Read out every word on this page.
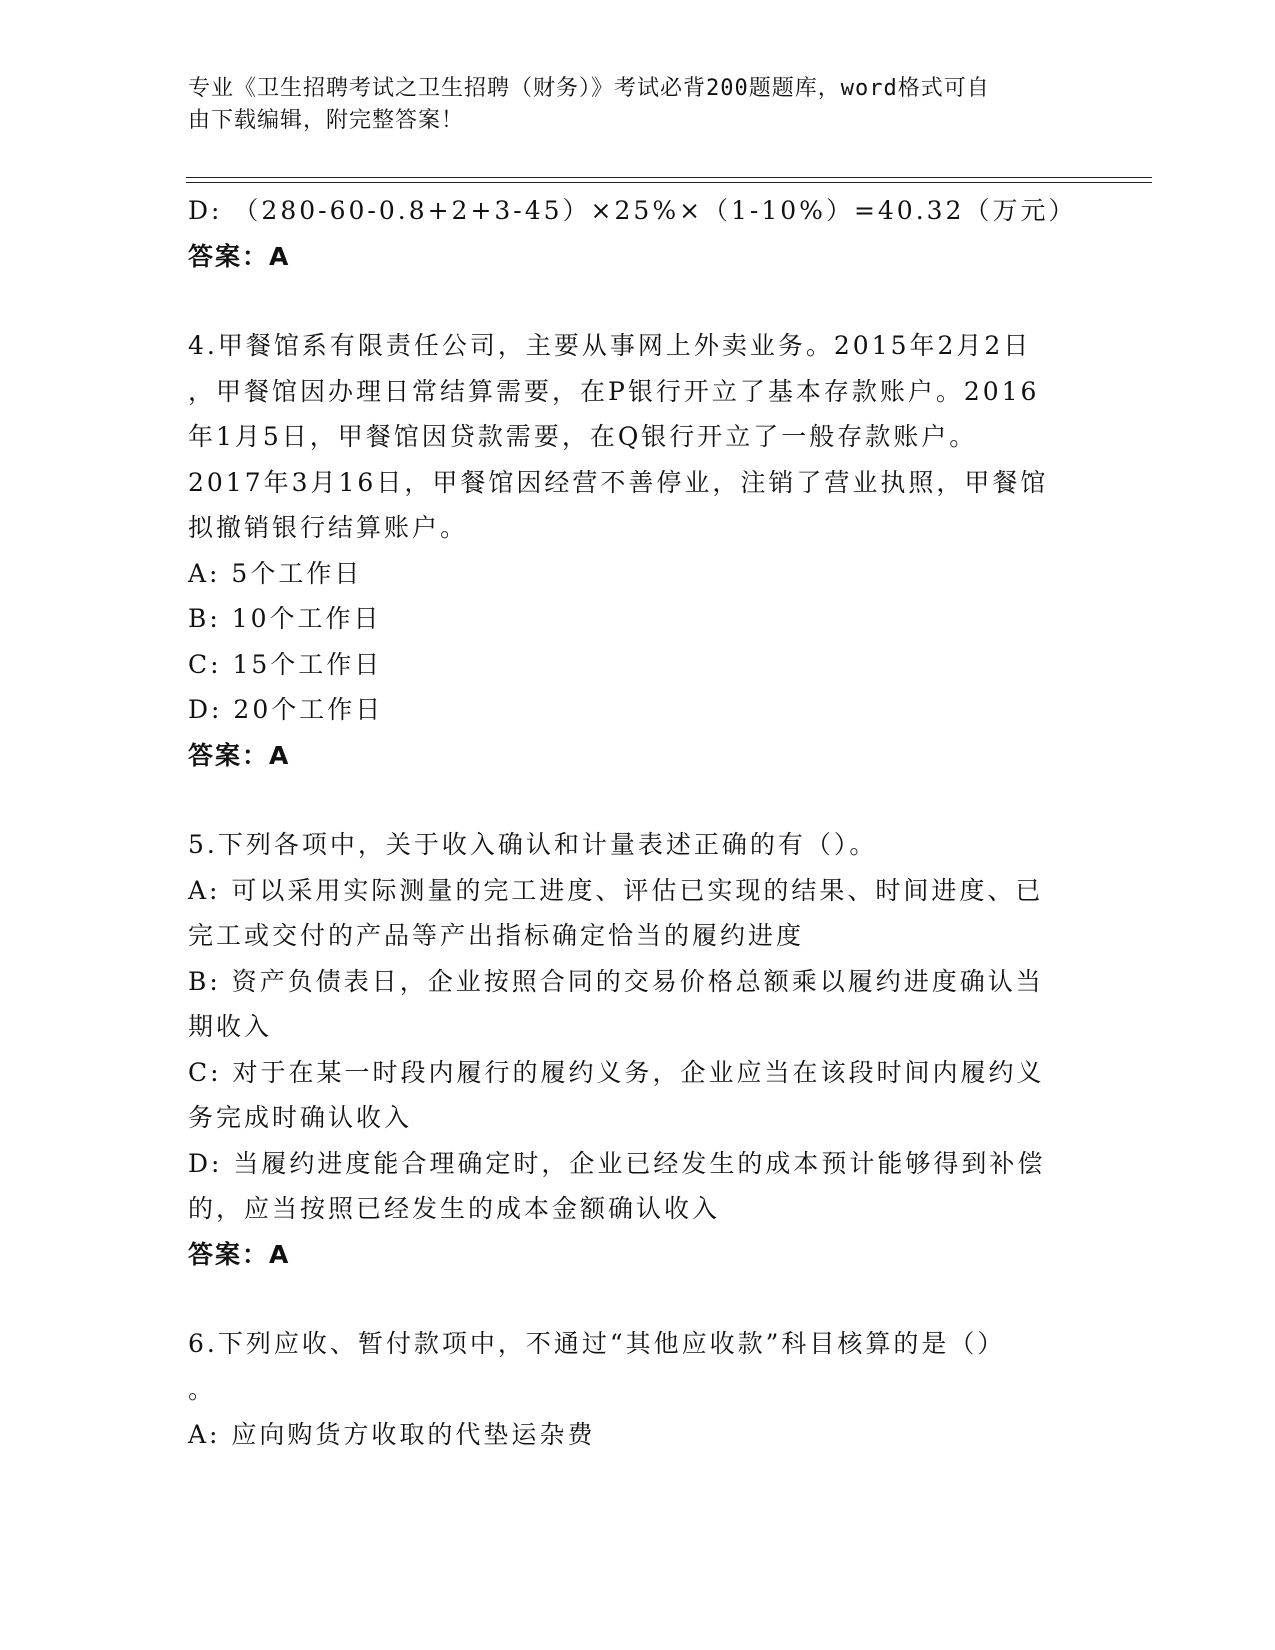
专业《卫生招聘考试之卫生招聘（财务）》考试必背200题题库，word格式可自
由下载编辑，附完整答案！
D: （280-60-0.8+2+3-45）×25%×（1-10%）=40.32（万元）
答案：A
4.甲餐馆系有限责任公司，主要从事网上外卖业务。2015年2月2日
，甲餐馆因办理日常结算需要，在P银行开立了基本存款账户。2016
年1月5日，甲餐馆因贷款需要，在Q银行开立了一般存款账户。
2017年3月16日，甲餐馆因经营不善停业，注销了营业执照，甲餐馆
拟撤销银行结算账户。
A: 5个工作日
B: 10个工作日
C: 15个工作日
D: 20个工作日
答案：A
5.下列各项中，关于收入确认和计量表述正确的有（）。
A: 可以采用实际测量的完工进度、评估已实现的结果、时间进度、已
完工或交付的产品等产出指标确定恰当的履约进度
B: 资产负债表日，企业按照合同的交易价格总额乘以履约进度确认当
期收入
C: 对于在某一时段内履行的履约义务，企业应当在该段时间内履约义
务完成时确认收入
D: 当履约进度能合理确定时，企业已经发生的成本预计能够得到补偿
的，应当按照已经发生的成本金额确认收入
答案：A
6.下列应收、暂付款项中，不通过“其他应收款”科目核算的是（）
。
A: 应向购货方收取的代垫运杂费
